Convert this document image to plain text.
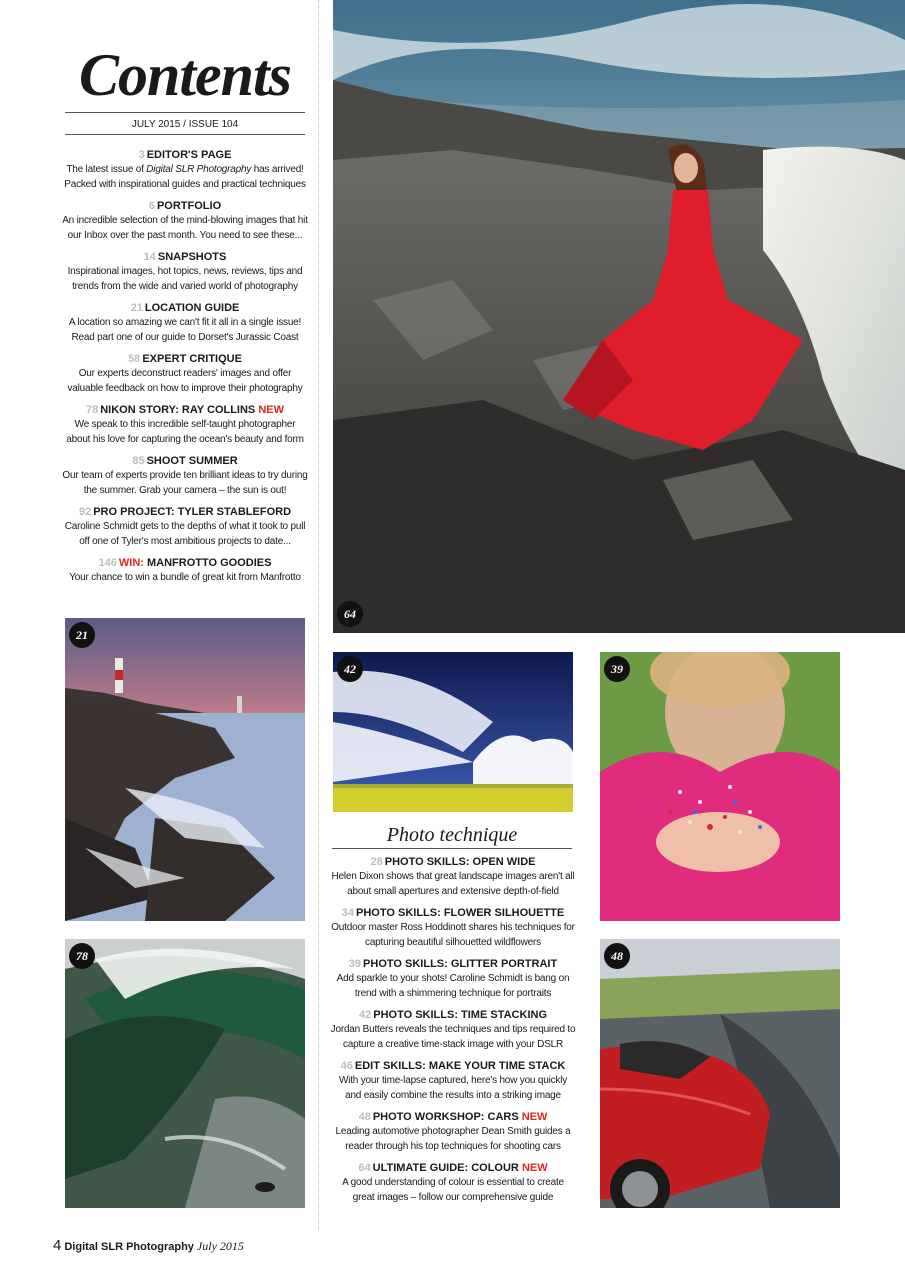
Contents
JULY 2015 / ISSUE 104
3 EDITOR'S PAGE
The latest issue of Digital SLR Photography has arrived! Packed with inspirational guides and practical techniques
6 PORTFOLIO
An incredible selection of the mind-blowing images that hit our Inbox over the past month. You need to see these...
14 SNAPSHOTS
Inspirational images, hot topics, news, reviews, tips and trends from the wide and varied world of photography
21 LOCATION GUIDE
A location so amazing we can't fit it all in a single issue! Read part one of our guide to Dorset's Jurassic Coast
58 EXPERT CRITIQUE
Our experts deconstruct readers' images and offer valuable feedback on how to improve their photography
78 NIKON STORY: RAY COLLINS NEW
We speak to this incredible self-taught photographer about his love for capturing the ocean's beauty and form
85 SHOOT SUMMER
Our team of experts provide ten brilliant ideas to try during the summer. Grab your camera – the sun is out!
92 PRO PROJECT: TYLER STABLEFORD
Caroline Schmidt gets to the depths of what it took to pull off one of Tyler's most ambitious projects to date...
146 WIN: MANFROTTO GOODIES
Your chance to win a bundle of great kit from Manfrotto
64
21
78
42	39
48
Photo technique
28 PHOTO SKILLS: OPEN WIDE
Helen Dixon shows that great landscape images aren't all about small apertures and extensive depth-of-field
34 PHOTO SKILLS: FLOWER SILHOUETTE
Outdoor master Ross Hoddinott shares his techniques for capturing beautiful silhouetted wildflowers
39 PHOTO SKILLS: GLITTER PORTRAIT
Add sparkle to your shots! Caroline Schmidt is bang on trend with a shimmering technique for portraits
42 PHOTO SKILLS: TIME STACKING
Jordan Butters reveals the techniques and tips required to capture a creative time-stack image with your DSLR
46 EDIT SKILLS: MAKE YOUR TIME STACK
With your time-lapse captured, here's how you quickly and easily combine the results into a striking image
48 PHOTO WORKSHOP: CARS NEW
Leading automotive photographer Dean Smith guides a reader through his top techniques for shooting cars
64 ULTIMATE GUIDE: COLOUR NEW
A good understanding of colour is essential to create great images – follow our comprehensive guide
4 Digital SLR Photography July 2015
